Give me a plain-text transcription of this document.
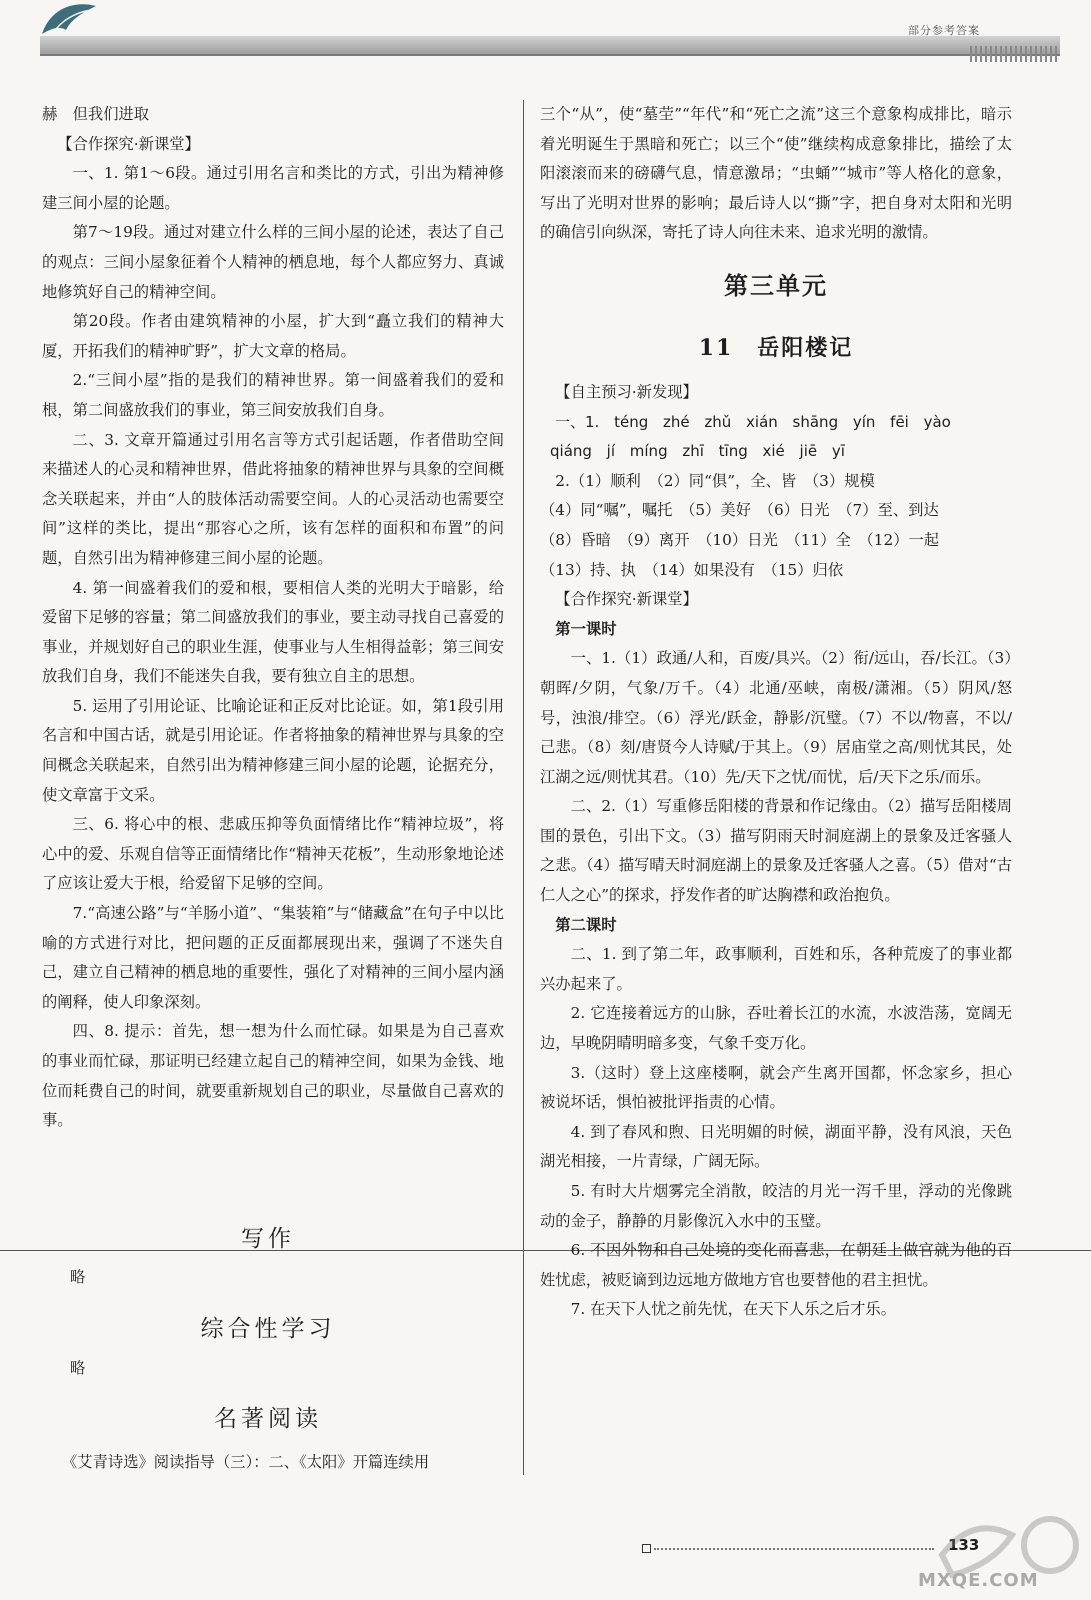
部分参考答案

赫　但我们进取

【合作探究·新课堂】

一、1. 第1～6段。通过引用名言和类比的方式，引出为精神修建三间小屋的论题。

第7～19段。通过对建立什么样的三间小屋的论述，表达了自己的观点：三间小屋象征着个人精神的栖息地，每个人都应努力、真诚地修筑好自己的精神空间。

第20段。作者由建筑精神的小屋，扩大到“矗立我们的精神大厦，开拓我们的精神旷野”，扩大文章的格局。

2.“三间小屋”指的是我们的精神世界。第一间盛着我们的爱和根，第二间盛放我们的事业，第三间安放我们自身。

二、3. 文章开篇通过引用名言等方式引起话题，作者借助空间来描述人的心灵和精神世界，借此将抽象的精神世界与具象的空间概念关联起来，并由“人的肢体活动需要空间。人的心灵活动也需要空间”这样的类比，提出“那容心之所，该有怎样的面积和布置”的问题，自然引出为精神修建三间小屋的论题。

4. 第一间盛着我们的爱和根，要相信人类的光明大于暗影，给爱留下足够的容量；第二间盛放我们的事业，要主动寻找自己喜爱的事业，并规划好自己的职业生涯，使事业与人生相得益彰；第三间安放我们自身，我们不能迷失自我，要有独立自主的思想。

5. 运用了引用论证、比喻论证和正反对比论证。如，第1段引用名言和中国古话，就是引用论证。作者将抽象的精神世界与具象的空间概念关联起来，自然引出为精神修建三间小屋的论题，论据充分，使文章富于文采。

三、6. 将心中的根、悲戚压抑等负面情绪比作“精神垃圾”，将心中的爱、乐观自信等正面情绪比作“精神天花板”，生动形象地论述了应该让爱大于根，给爱留下足够的空间。

7.“高速公路”与“羊肠小道”、“集装箱”与“储藏盒”在句子中以比喻的方式进行对比，把问题的正反面都展现出来，强调了不迷失自己，建立自己精神的栖息地的重要性，强化了对精神的三间小屋内涵的阐释，使人印象深刻。

四、8. 提示：首先，想一想为什么而忙碌。如果是为自己喜欢的事业而忙碌，那证明已经建立起自己的精神空间，如果为金钱、地位而耗费自己的时间，就要重新规划自己的职业，尽量做自己喜欢的事。

写作
略
综合性学习
略
名著阅读
《艾青诗选》阅读指导（三）：二、《太阳》开篇连续用

三个“从”，使“墓茔”“年代”和“死亡之流”这三个意象构成排比，暗示着光明诞生于黑暗和死亡；以三个“使”继续构成意象排比，描绘了太阳滚滚而来的磅礴气息，情意激昂；“虫蛹”“城市”等人格化的意象，写出了光明对世界的影响；最后诗人以“撕”字，把自身对太阳和光明的确信引向纵深，寄托了诗人向往未来、追求光明的激情。

第三单元
11　岳阳楼记

【自主预习·新发现】

一、1. téng zhé zhǔ xián shāng yín fēi yào

qiáng jí míng zhī tīng xié jiē yī

2.（1）顺利　（2）同“俱”，全、皆　（3）规模

（4）同“嘱”，嘱托　（5）美好　（6）日光　（7）至、到达

（8）昏暗　（9）离开　（10）日光　（11）全　（12）一起

（13）持、执　（14）如果没有　（15）归依

【合作探究·新课堂】

第一课时

一、1.（1）政通/人和，百废/具兴。（2）衔/远山，吞/长江。（3）朝晖/夕阴，气象/万千。（4）北通/巫峡，南极/潇湘。（5）阴风/怒号，浊浪/排空。（6）浮光/跃金，静影/沉璧。（7）不以/物喜，不以/己悲。（8）刻/唐贤今人诗赋/于其上。（9）居庙堂之高/则忧其民，处江湖之远/则忧其君。（10）先/天下之忧/而忧，后/天下之乐/而乐。

二、2.（1）写重修岳阳楼的背景和作记缘由。（2）描写岳阳楼周围的景色，引出下文。（3）描写阴雨天时洞庭湖上的景象及迁客骚人之悲。（4）描写晴天时洞庭湖上的景象及迁客骚人之喜。（5）借对“古仁人之心”的探求，抒发作者的旷达胸襟和政治抱负。

第二课时

二、1. 到了第二年，政事顺利，百姓和乐，各种荒废了的事业都兴办起来了。

2. 它连接着远方的山脉，吞吐着长江的水流，水波浩荡，宽阔无边，早晚阴晴明暗多变，气象千变万化。

3.（这时）登上这座楼啊，就会产生离开国都，怀念家乡，担心被说坏话，惧怕被批评指责的心情。

4. 到了春风和煦、日光明媚的时候，湖面平静，没有风浪，天色湖光相接，一片青绿，广阔无际。

5. 有时大片烟雾完全消散，皎洁的月光一泻千里，浮动的光像跳动的金子，静静的月影像沉入水中的玉璧。

6. 不因外物和自己处境的变化而喜悲，在朝廷上做官就为他的百姓忧虑，被贬谪到边远地方做地方官也要替他的君主担忧。

7. 在天下人忧之前先忧，在天下人乐之后才乐。

133
MXQE.COM
